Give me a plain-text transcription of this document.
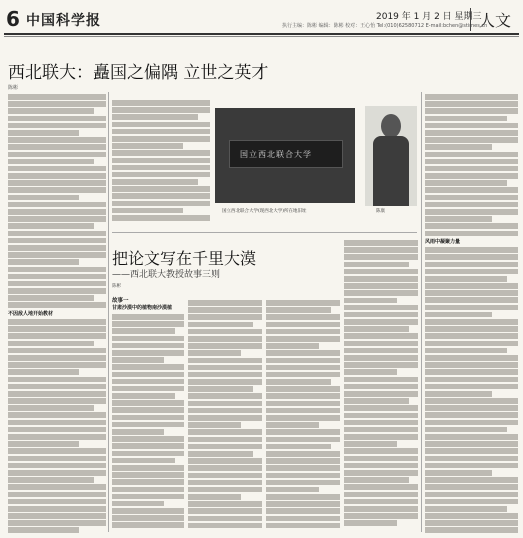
6 中国科学报	2019 年 1 月 2 日 星期三
执行主编：陈彬 编辑：陈彬 校对：王心怡 Tel:(010)62580712 E-mail:bchen@stimes.cn
人文
西北联大：矗国之偏隅 立世之英才
陈彬
不因敌人地开始教材
国立西北联合大学
国立西北联合大学(现西北大学)所在地旧址	陈康
风雨中凝聚力量
把论文写在千里大漠
——西北联大教授故事三则
陈彬
故事一
甘肃沙漠中的植物南沙漠植
